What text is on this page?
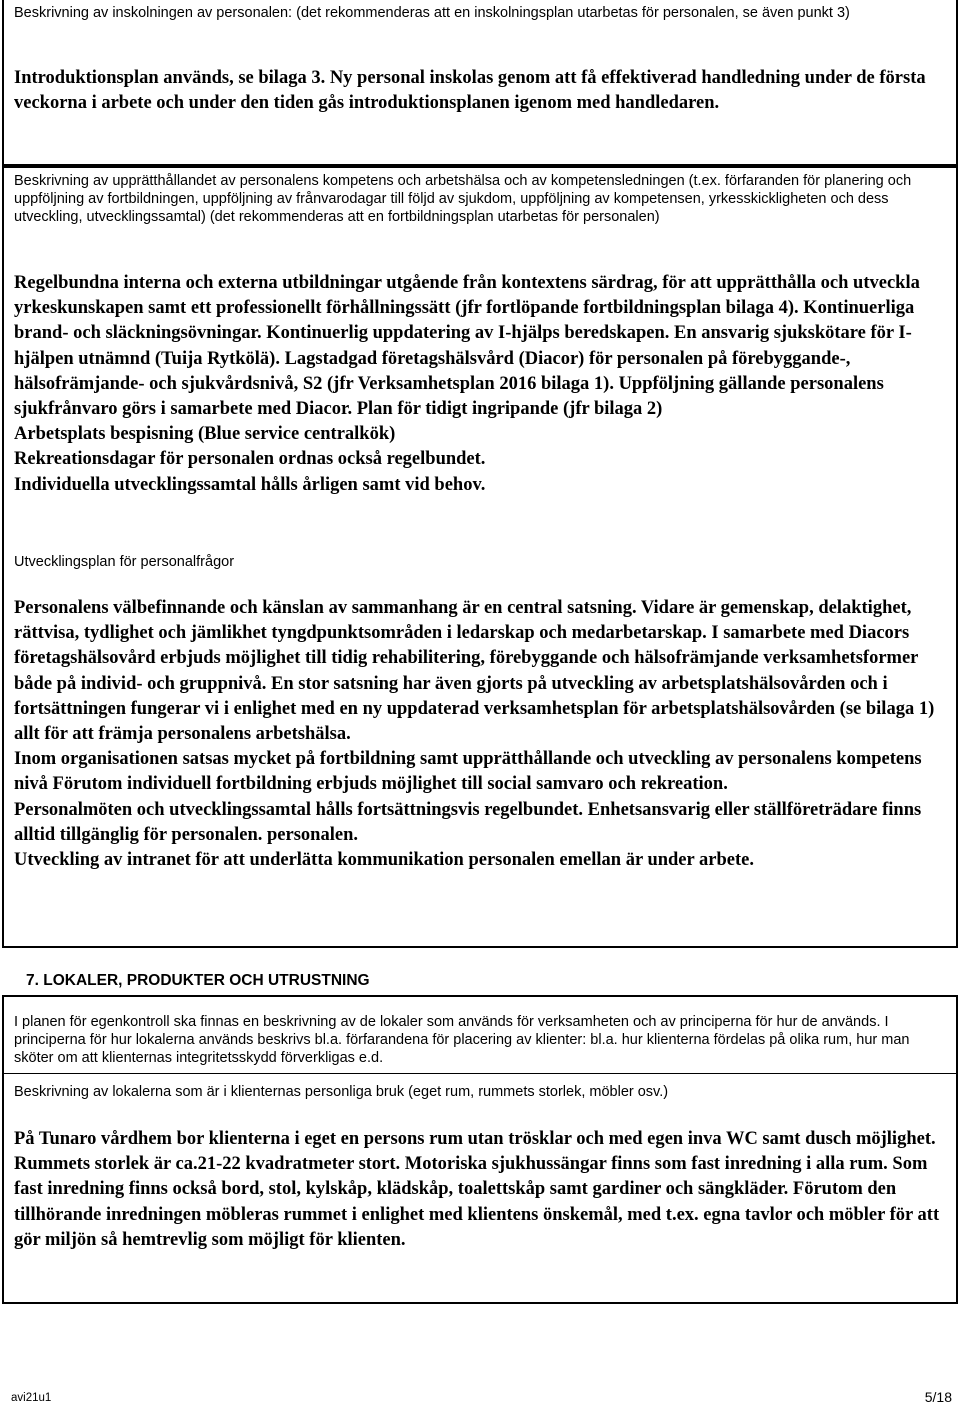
Beskrivning av inskolningen av personalen: (det rekommenderas att en inskolningsplan utarbetas för personalen, se även punkt 3)

Introduktionsplan används, se bilaga 3. Ny personal inskolas genom att få effektiverad handledning under de första veckorna i arbete och under den tiden gås introduktionsplanen igenom med handledaren.

Beskrivning av upprätthållandet av personalens kompetens och arbetshälsa och av kompetensledningen (t.ex. förfaranden för planering och uppföljning av fortbildningen, uppföljning av frånvarodagar till följd av sjukdom, uppföljning av kompetensen, yrkesskickligheten och dess utveckling, utvecklingssamtal) (det rekommenderas att en fortbildningsplan utarbetas för personalen)

Regelbundna interna och externa utbildningar utgående från kontextens särdrag, för att upprätthålla och utveckla yrkeskunskapen samt ett professionellt förhållningssätt (jfr fortlöpande fortbildningsplan bilaga 4). Kontinuerliga brand- och släckningsövningar. Kontinuerlig uppdatering av I-hjälps beredskapen. En ansvarig sjukskötare för I-hjälpen utnämnd (Tuija Rytkölä). Lagstadgad företagshälsvård (Diacor) för personalen på förebyggande-, hälsofrämjande- och sjukvårdsnivå, S2 (jfr Verksamhetsplan 2016 bilaga 1). Uppföljning gällande personalens sjukfrånvaro görs i samarbete med Diacor. Plan för tidigt ingripande (jfr bilaga 2)
Arbetsplats bespisning (Blue service centralkök)
Rekreationsdagar för personalen ordnas också regelbundet.
Individuella utvecklingssamtal hålls årligen samt vid behov.

Utvecklingsplan för personalfrågor

Personalens välbefinnande och känslan av sammanhang är en central satsning. Vidare är gemenskap, delaktighet, rättvisa, tydlighet och jämlikhet tyngdpunktsområden i ledarskap och medarbetarskap. I samarbete med Diacors företagshälsovård erbjuds möjlighet till tidig rehabilitering, förebyggande och hälsofrämjande verksamhetsformer både på individ- och gruppnivå. En stor satsning har även gjorts på utveckling av arbetsplatshälsovården och i fortsättningen fungerar vi i enlighet med en ny uppdaterad verksamhetsplan för arbetsplatshälsovården (se bilaga 1) allt för att främja personalens arbetshälsa.
Inom organisationen satsas mycket på fortbildning samt upprätthållande och utveckling av personalens kompetens nivå Förutom individuell fortbildning erbjuds möjlighet till social samvaro och rekreation.
Personalmöten och utvecklingssamtal hålls fortsättningsvis regelbundet. Enhetsansvarig eller ställföreträdare finns alltid tillgänglig för personalen. personalen.
Utveckling av intranet för att underlätta kommunikation personalen emellan är under arbete.
7. LOKALER, PRODUKTER OCH UTRUSTNING

I planen för egenkontroll ska finnas en beskrivning av de lokaler som används för verksamheten och av principerna för hur de används. I principerna för hur lokalerna används beskrivs bl.a. förfarandena för placering av klienter: bl.a. hur klienterna fördelas på olika rum, hur man sköter om att klienternas integritetsskydd förverkligas e.d.

Beskrivning av lokalerna som är i klienternas personliga bruk (eget rum, rummets storlek, möbler osv.)

På Tunaro vårdhem bor klienterna i eget en persons rum utan trösklar och med egen inva WC samt dusch möjlighet. Rummets storlek är ca.21-22 kvadratmeter stort. Motoriska sjukhussängar finns som fast inredning i alla rum. Som fast inredning finns också bord, stol, kylskåp, klädskåp, toalettskåp samt gardiner och sängkläder. Förutom den tillhörande inredningen möbleras rummet i enlighet med klientens önskemål, med t.ex. egna tavlor och möbler för att gör miljön så hemtrevlig som möjligt för klienten.

avi21u1	5/18
